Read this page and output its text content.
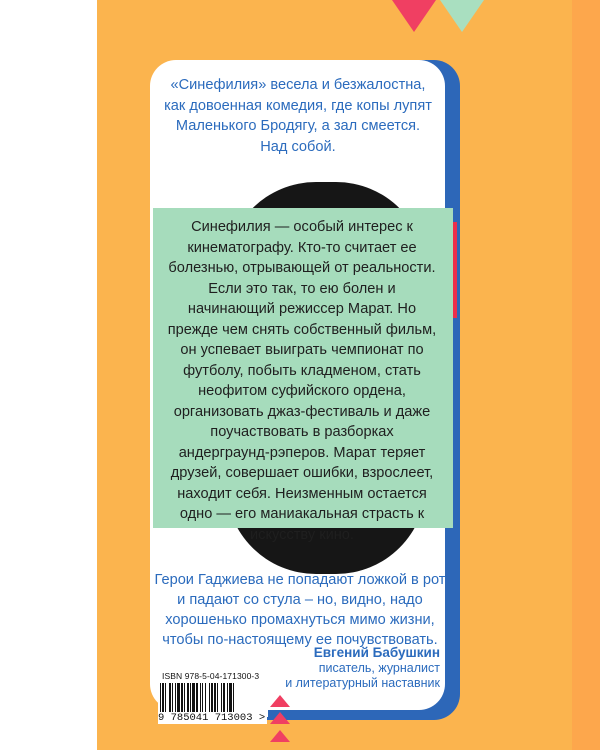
«Синефилия» весела и безжалостна, как довоенная комедия, где копы лупят Маленького Бродягу, а зал смеется. Над собой.

Синефилия — особый интерес к кинематографу. Кто-то считает ее болезнью, отрывающей от реальности. Если это так, то ею болен и начинающий режиссер Марат. Но прежде чем снять собственный фильм, он успевает выиграть чемпионат по футболу, побыть кладменом, стать неофитом суфийского ордена, организовать джаз-фестиваль и даже поучаствовать в разборках андерграунд-рэперов. Марат теряет друзей, совершает ошибки, взрослеет, находит себя. Неизменным остается одно — его маниакальная страсть к искусству кино.

Герои Гаджиева не попадают ложкой в рот и падают со стула – но, видно, надо хорошенько промахнуться мимо жизни, чтобы по-настоящему ее почувствовать.

Евгений Бабушкин
писатель, журналист
и литературный наставник
ISBN 978-5-04-171300-3
9 785041 713003 >
